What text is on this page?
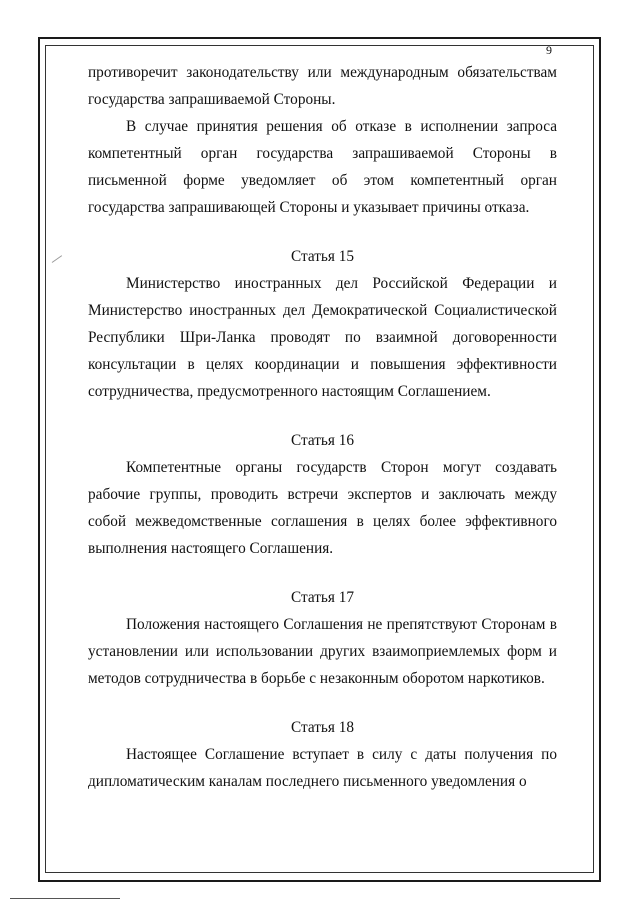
9

противоречит законодательству или международным обязательствам государства запрашиваемой Стороны.

В случае принятия решения об отказе в исполнении запроса компетентный орган государства запрашиваемой Стороны в письменной форме уведомляет об этом компетентный орган государства запрашивающей Стороны и указывает причины отказа.

Статья 15

Министерство иностранных дел Российской Федерации и Министерство иностранных дел Демократической Социалистической Республики Шри-Ланка проводят по взаимной договоренности консультации в целях координации и повышения эффективности сотрудничества, предусмотренного настоящим Соглашением.

Статья 16

Компетентные органы государств Сторон могут создавать рабочие группы, проводить встречи экспертов и заключать между собой межведомственные соглашения в целях более эффективного выполнения настоящего Соглашения.

Статья 17

Положения настоящего Соглашения не препятствуют Сторонам в установлении или использовании других взаимоприемлемых форм и методов сотрудничества в борьбе с незаконным оборотом наркотиков.

Статья 18

Настоящее Соглашение вступает в силу с даты получения по дипломатическим каналам последнего письменного уведомления о
